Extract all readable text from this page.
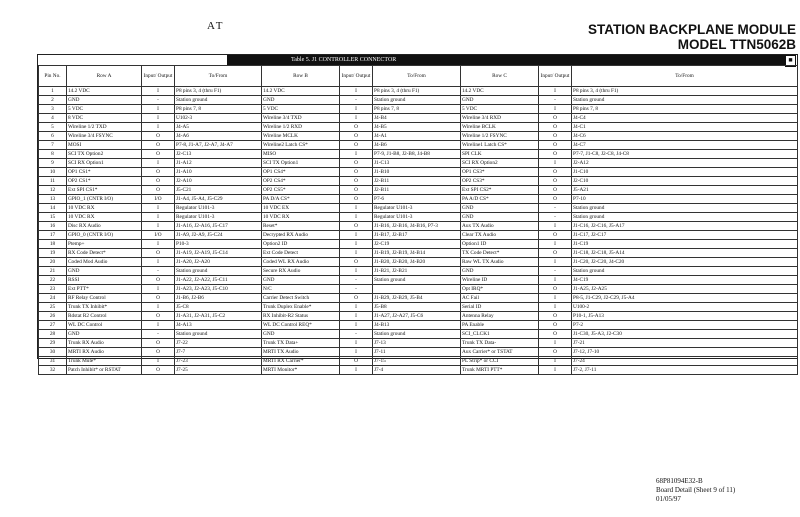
AT	STATION BACKPLANE MODULE
MODEL TTN5062B
Table 5. J1 CONTROLLER CONNECTOR	■
Pin No.	Row A	Input/ Output	To/From	Row B	Input/ Output	To/From	Row C	Input/ Output	To/From
1	14.2 VDC	I	P8 pins 3, 4 (thru F1)	14.2 VDC	I	P8 pins 3, 4 (thru F1)	14.2 VDC	I	P8 pins 3, 4 (thru F1)
2	GND	-	Station ground	GND	-	Station ground	GND	-	Station ground
3	5 VDC	I	P8 pins 7, 8	5 VDC	I	P8 pins 7, 8	5 VDC	I	P8 pins 7, 8
4	8 VDC	I	U102-3	Wireline 3/4 TXD	I	J4-B4	Wireline 3/4 RXD	O	J4-C4
5	Wireline 1/2 TXD	I	J4-A5	Wireline 1/2 RXD	O	J4-B5	Wireline BCLK	O	J4-C1
6	Wireline 3/4 FSYNC	O	J4-A6	Wireline MCLK	O	J4-A1	Wireline 1/2 FSYNC	O	J4-C6
7	MOSI	O	P7-8, J1-A7, J2-A7, J4-A7	Wireline2 Latch CS*	O	J4-B6	Wireline1 Latch CS*	O	J4-C7
8	SCI TX Option2	O	J2-C13	MISO	I	P7-9, J1-B8, J2-B8, J4-B8	SPI CLK	O	P7-7, J1-C8, J2-C8, J4-C8
9	SCI RX Option1	I	J1-A12	SCI TX Option1	O	J1-C13	SCI RX Option2	I	J2-A12
10	OP1 CS1*	O	J1-A10	OP1 CS4*	O	J1-B10	OP1 CS3*	O	J1-C10
11	OP2 CS1*	O	J2-A10	OP2 CS4*	O	J2-B11	OP2 CS3*	O	J2-C10
12	Ext SPI CS1*	O	J5-C21	OP2 CS5*	O	J2-B11	Ext SPI CS2*	O	J5-A21
13	GPIO_1 (CNTR I/O)	I/O	J1-A4, J5-A4, J5-C29	PA D/A CS*	O	P7-6	PA A/D CS*	O	P7-10
14	10 VDC RX	I	Regulator U101-3	10 VDC EX	I	Regulator U101-3	GND	-	Station ground
15	10 VDC RX	I	Regulator U101-3	10 VDC RX	I	Regulator U101-3	GND	-	Station ground
16	Disc RX Audio	I	J1-A16, J2-A16, J5-C17	Reset*	O	J1-B16, J2-B16, J4-B16, P7-3	Aux TX Audio	I	J1-C16, J2-C16, J5-A17
17	GPIO_0 (CNTR I/O)	I/O	J1-A9, J2-A9, J5-C24	Decrypted RX Audio	I	J1-B17, J2-B17	Clear TX Audio	O	J1-C17, J2-C17
18	Ptemp+	I	P10-3	Option2 ID	I	J2-C19	Option1 ID	I	J1-C19
19	RX Code Detect*	O	J1-A19, J2-A19, J5-C14	Ext Code Detect	I	J1-B19, J2-B19, J4-B14	TX Code Detect*	O	J1-C18, J2-C18, J5-A14
20	Coded Mod Audio	I	J1-A20, J2-A20	Coded WL RX Audio	O	J1-B20, J2-B20, J4-B20	Raw WL TX Audio	I	J1-C20, J2-C20, J4-C20
21	GND	-	Station ground	Secure RX Audio	I	J1-B21, J2-B21	GND	-	Station ground
22	RSSI	O	J1-A22, J2-A22, J5-C11	GND	-	Station ground	Wireline ID	I	J4-C19
23	Ext PTT*	I	J1-A23, J2-A23, J5-C10	N/C	-		Opt IRQ*	O	J1-A25, J2-A25
24	RF Relay Control	O	J1-B6, J2-B6	Carrier Detect Switch	O	J1-B29, J2-B29, J5-B4	AC Fail	I	P8-5, J1-C29, J2-C29, J5-A4
25	Trunk TX Inhibit*	I	J5-C8	Trunk Duplex Enable*	I	J5-B8	Serial ID	I	U100-2
26	Rdstat R2 Control	O	J1-A31, J2-A31, J5-C2	RX Inhibit-R2 Status	I	J1-A27, J2-A27, J5-C6	Antenna Relay	O	P10-1, J5-A13
27	WL DC Control	I	J4-A13	WL DC Control REQ*	I	J4-B13	PA Enable	O	P7-2
28	GND	-	Station ground	GND	-	Station ground	SCI_CLCK1	O	J1-C30, J5-A3, J2-C30
29	Trunk RX Audio	O	J7-22	Trunk TX Data+	I	J7-13	Trunk TX Data-	I	J7-21
30	MRTI RX Audio	O	J7-7	MRTI TX Audio	I	J7-11	Aux Carrier* or TSTAT	O	J7-12, J7-10
31	Trunk Mute*	I	J7-23	MRTI RX Carrier*	O	J7-15	PL Strip* or CCI	I	J7-24
32	Patch Inhibit* or RSTAT	O	J7-25	MRTI Monitor*	I	J7-4	Trunk MRTI PTT*	I	J7-2, J7-11
68P81094E32-B
Board Detail (Sheet 9 of 11)
01/05/97
